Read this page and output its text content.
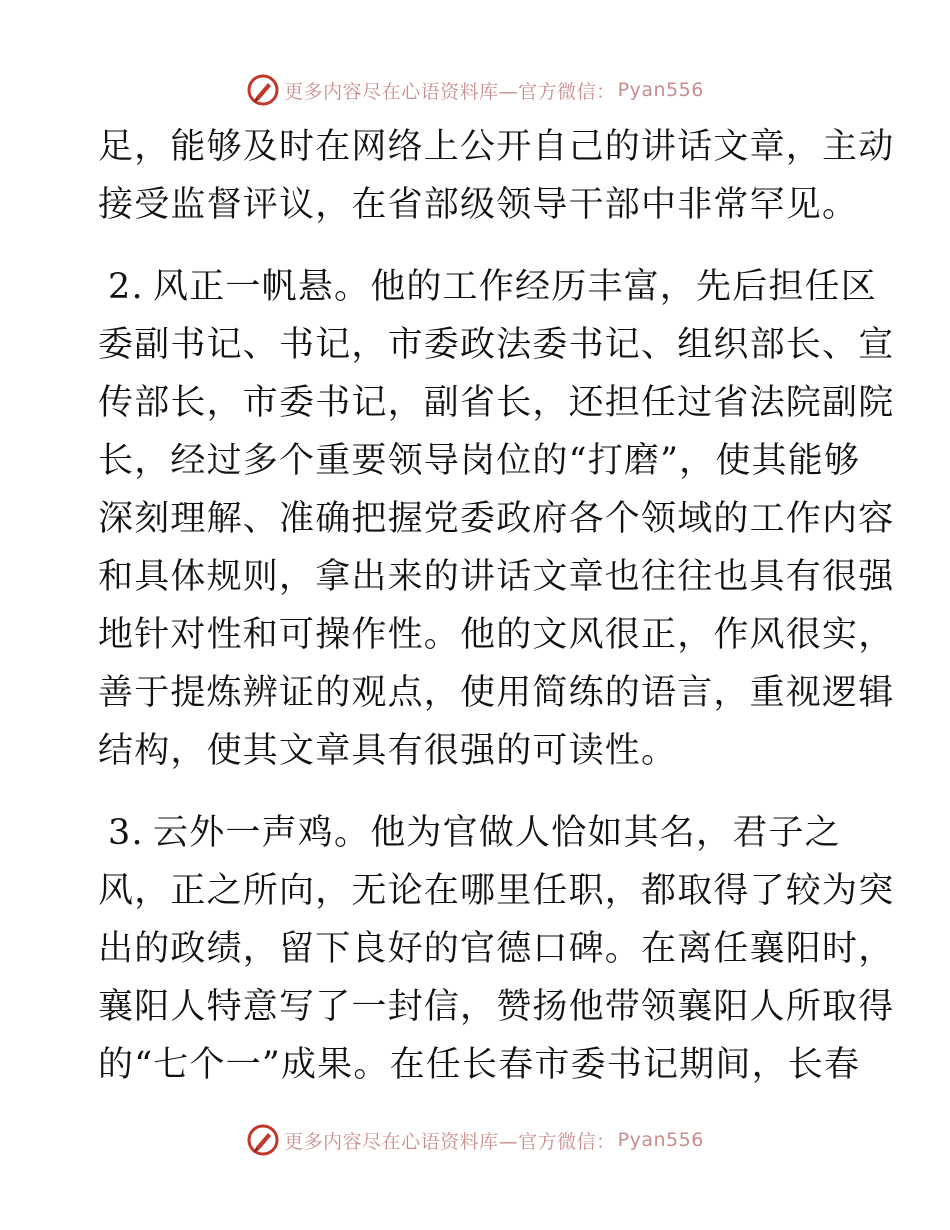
更多内容尽在心语资料库—官方微信： Pyan556
足，能够及时在网络上公开自己的讲话文章，主动
接受监督评议，在省部级领导干部中非常罕见。
2. 风正一帆悬。他的工作经历丰富，先后担任区
委副书记、书记，市委政法委书记、组织部长、宣
传部长，市委书记，副省长，还担任过省法院副院
长，经过多个重要领导岗位的“打磨”，使其能够
深刻理解、准确把握党委政府各个领域的工作内容
和具体规则，拿出来的讲话文章也往往也具有很强
地针对性和可操作性。他的文风很正，作风很实，
善于提炼辨证的观点，使用简练的语言，重视逻辑
结构，使其文章具有很强的可读性。
3. 云外一声鸡。他为官做人恰如其名，君子之
风，正之所向，无论在哪里任职，都取得了较为突
出的政绩，留下良好的官德口碑。在离任襄阳时，
襄阳人特意写了一封信，赞扬他带领襄阳人所取得
的“七个一”成果。在任长春市委书记期间，长春
更多内容尽在心语资料库—官方微信： Pyan556
